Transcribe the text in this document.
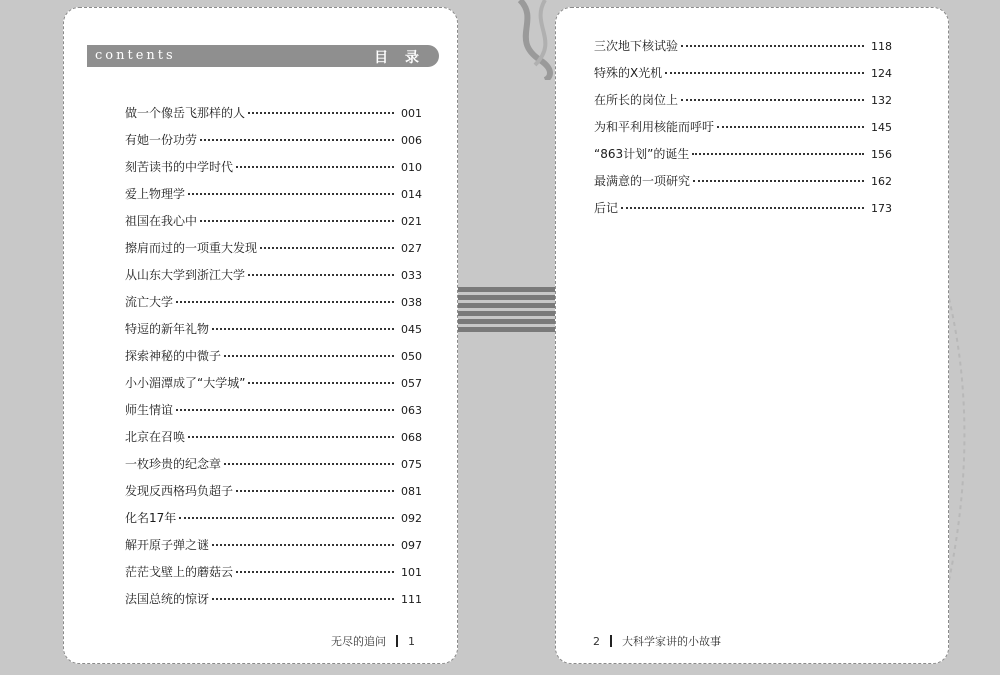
contents	目 录
做一个像岳飞那样的人	001
有她一份功劳	006
刻苦读书的中学时代	010
爱上物理学	014
祖国在我心中	021
擦肩而过的一项重大发现	027
从山东大学到浙江大学	033
流亡大学	038
特逗的新年礼物	045
探索神秘的中微子	050
小小湄潭成了“大学城”	057
师生情谊	063
北京在召唤	068
一枚珍贵的纪念章	075
发现反西格玛负超子	081
化名17年	092
解开原子弹之谜	097
茫茫戈壁上的蘑菇云	101
法国总统的惊讶	111
无尽的追问 1
三次地下核试验	118
特殊的X光机	124
在所长的岗位上	132
为和平利用核能而呼吁	145
“863计划”的诞生	156
最满意的一项研究	162
后记	173
2 大科学家讲的小故事
